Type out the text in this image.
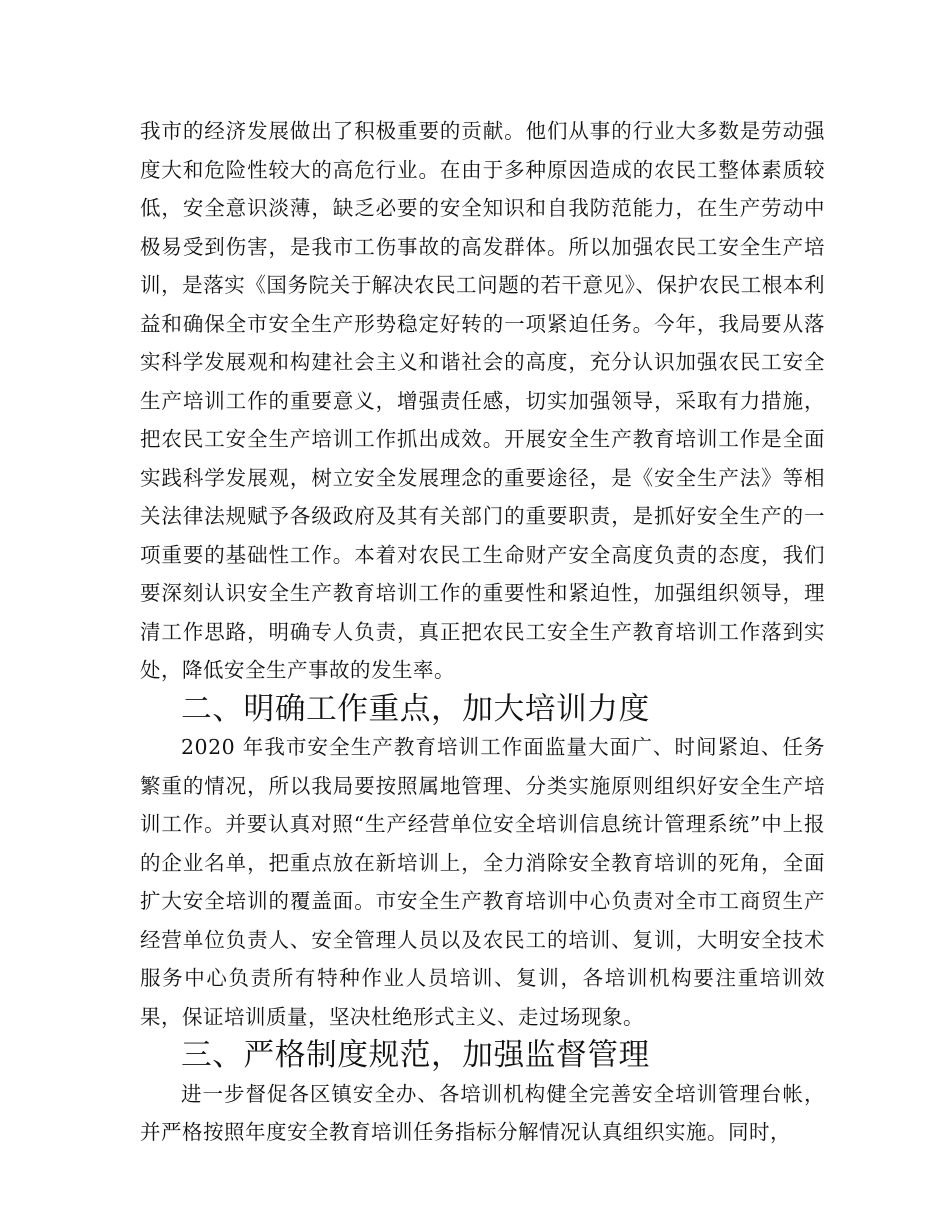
我市的经济发展做出了积极重要的贡献。他们从事的行业大多数是劳动强度大和危险性较大的高危行业。在由于多种原因造成的农民工整体素质较低，安全意识淡薄，缺乏必要的安全知识和自我防范能力，在生产劳动中极易受到伤害，是我市工伤事故的高发群体。所以加强农民工安全生产培训，是落实《国务院关于解决农民工问题的若干意见》、保护农民工根本利益和确保全市安全生产形势稳定好转的一项紧迫任务。今年，我局要从落实科学发展观和构建社会主义和谐社会的高度，充分认识加强农民工安全生产培训工作的重要意义，增强责任感，切实加强领导，采取有力措施，把农民工安全生产培训工作抓出成效。开展安全生产教育培训工作是全面实践科学发展观，树立安全发展理念的重要途径，是《安全生产法》等相关法律法规赋予各级政府及其有关部门的重要职责，是抓好安全生产的一项重要的基础性工作。本着对农民工生命财产安全高度负责的态度，我们要深刻认识安全生产教育培训工作的重要性和紧迫性，加强组织领导，理清工作思路，明确专人负责，真正把农民工安全生产教育培训工作落到实处，降低安全生产事故的发生率。

二、明确工作重点，加大培训力度

2020 年我市安全生产教育培训工作面监量大面广、时间紧迫、任务繁重的情况，所以我局要按照属地管理、分类实施原则组织好安全生产培训工作。并要认真对照“生产经营单位安全培训信息统计管理系统”中上报的企业名单，把重点放在新培训上，全力消除安全教育培训的死角，全面扩大安全培训的覆盖面。市安全生产教育培训中心负责对全市工商贸生产经营单位负责人、安全管理人员以及农民工的培训、复训，大明安全技术服务中心负责所有特种作业人员培训、复训，各培训机构要注重培训效果，保证培训质量，坚决杜绝形式主义、走过场现象。

三、严格制度规范，加强监督管理

进一步督促各区镇安全办、各培训机构健全完善安全培训管理台帐，并严格按照年度安全教育培训任务指标分解情况认真组织实施。同时，
